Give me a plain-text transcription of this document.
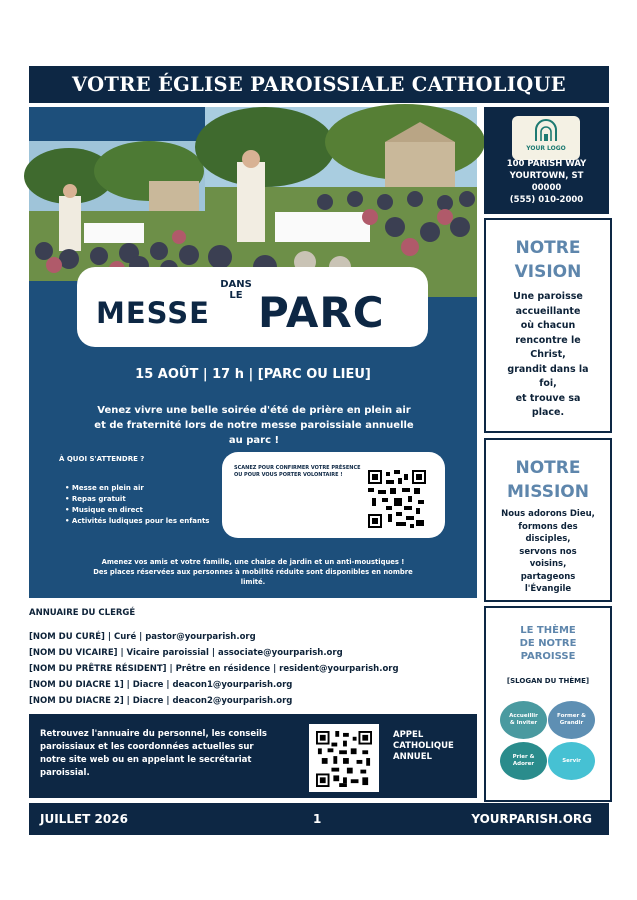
VOTRE ÉGLISE PAROISSIALE CATHOLIQUE
MESSE
DANS
LE PARC
15 AOÛT | 17 h | [PARC OU LIEU]
Venez vivre une belle soirée d'été de prière en plein air
et de fraternité lors de notre messe paroissiale annuelle
au parc !
À QUOI S'ATTENDRE ?
• Messe en plein air
• Repas gratuit
• Musique en direct
• Activités ludiques pour les enfants
SCANEZ POUR CONFIRMER VOTRE PRÉSENCE
OU POUR VOUS PORTER VOLONTAIRE !
Amenez vos amis et votre famille, une chaise de jardin et un anti-moustiques !
Des places réservées aux personnes à mobilité réduite sont disponibles en nombre
limité.
YOUR LOGO
100 PARISH WAY
YOURTOWN, ST
00000
(555) 010-2000
NOTRE
VISION
Une paroisse
accueillante
où chacun
rencontre le
Christ,
grandit dans la
foi,
et trouve sa
place.
NOTRE
MISSION
Nous adorons Dieu,
formons des
disciples,
servons nos
voisins,
partageons
l'Évangile
LE THÈME
DE NOTRE
PAROISSE
[SLOGAN DU THÈME]
Accueillir
& Inviter
Former &
Grandir
Prier &
Adorer
Servir
ANNUAIRE DU CLERGÉ
[NOM DU CURÉ] | Curé | pastor@yourparish.org
[NOM DU VICAIRE] | Vicaire paroissial | associate@yourparish.org
[NOM DU PRÊTRE RÉSIDENT] | Prêtre en résidence | resident@yourparish.org
[NOM DU DIACRE 1] | Diacre | deacon1@yourparish.org
[NOM DU DIACRE 2] | Diacre | deacon2@yourparish.org
Retrouvez l'annuaire du personnel, les conseils
paroissiaux et les coordonnées actuelles sur
notre site web ou en appelant le secrétariat
paroissial.
APPEL
CATHOLIQUE
ANNUEL
JUILLET 2026	1	YOURPARISH.ORG
